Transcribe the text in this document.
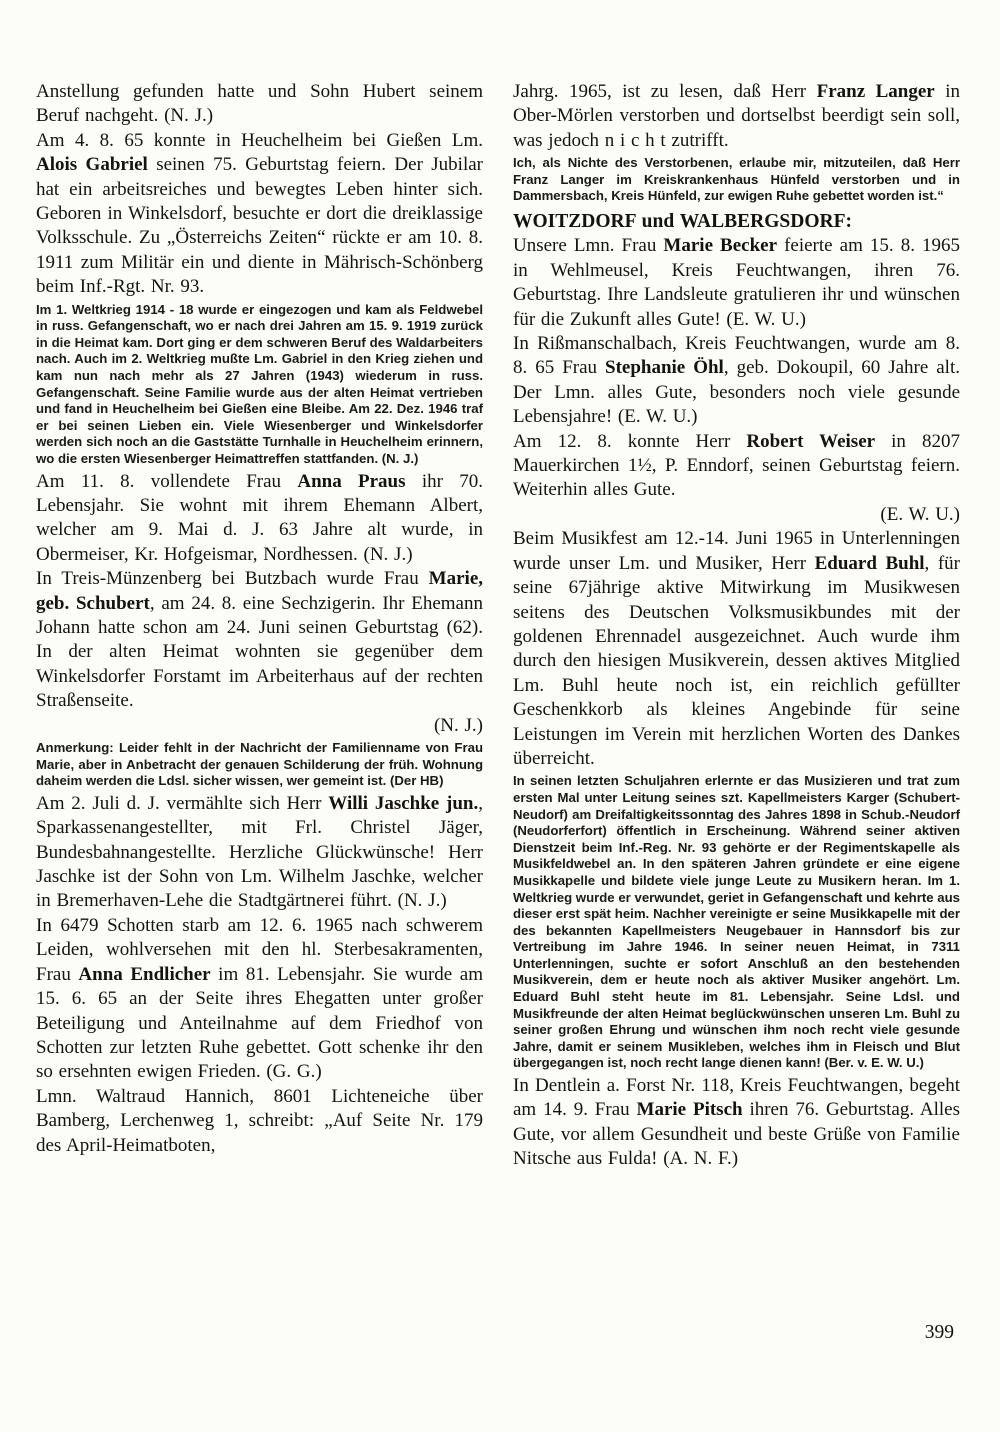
Anstellung gefunden hatte und Sohn Hubert seinem Beruf nachgeht. (N. J.)

Am 4. 8. 65 konnte in Heuchelheim bei Gießen Lm. Alois Gabriel seinen 75. Geburtstag feiern. Der Jubilar hat ein arbeitsreiches und bewegtes Leben hinter sich. Geboren in Winkelsdorf, besuchte er dort die dreiklassige Volksschule. Zu „Österreichs Zeiten“ rückte er am 10. 8. 1911 zum Militär ein und diente in Mährisch-Schönberg beim Inf.-Rgt. Nr. 93.

Im 1. Weltkrieg 1914 - 18 wurde er eingezogen und kam als Feldwebel in russ. Gefangenschaft, wo er nach drei Jahren am 15. 9. 1919 zurück in die Heimat kam. Dort ging er dem schweren Beruf des Waldarbeiters nach. Auch im 2. Weltkrieg mußte Lm. Gabriel in den Krieg ziehen und kam nun nach mehr als 27 Jahren (1943) wiederum in russ. Gefangenschaft. Seine Familie wurde aus der alten Heimat vertrieben und fand in Heuchelheim bei Gießen eine Bleibe. Am 22. Dez. 1946 traf er bei seinen Lieben ein. Viele Wiesenberger und Winkelsdorfer werden sich noch an die Gaststätte Turnhalle in Heuchelheim erinnern, wo die ersten Wiesenberger Heimattreffen stattfanden. (N. J.)

Am 11. 8. vollendete Frau Anna Praus ihr 70. Lebensjahr. Sie wohnt mit ihrem Ehemann Albert, welcher am 9. Mai d. J. 63 Jahre alt wurde, in Obermeiser, Kr. Hofgeismar, Nordhessen. (N. J.)

In Treis-Münzenberg bei Butzbach wurde Frau Marie, geb. Schubert, am 24. 8. eine Sechzigerin. Ihr Ehemann Johann hatte schon am 24. Juni seinen Geburtstag (62). In der alten Heimat wohnten sie gegenüber dem Winkelsdorfer Forstamt im Arbeiterhaus auf der rechten Straßenseite.

(N. J.)

Anmerkung: Leider fehlt in der Nachricht der Familienname von Frau Marie, aber in Anbetracht der genauen Schilderung der früh. Wohnung daheim werden die Ldsl. sicher wissen, wer gemeint ist. (Der HB)

Am 2. Juli d. J. vermählte sich Herr Willi Jaschke jun., Sparkassenangestellter, mit Frl. Christel Jäger, Bundesbahnangestellte. Herzliche Glückwünsche! Herr Jaschke ist der Sohn von Lm. Wilhelm Jaschke, welcher in Bremerhaven-Lehe die Stadtgärtnerei führt. (N. J.)

In 6479 Schotten starb am 12. 6. 1965 nach schwerem Leiden, wohlversehen mit den hl. Sterbesakramenten, Frau Anna Endlicher im 81. Lebensjahr. Sie wurde am 15. 6. 65 an der Seite ihres Ehegatten unter großer Beteiligung und Anteilnahme auf dem Friedhof von Schotten zur letzten Ruhe gebettet. Gott schenke ihr den so ersehnten ewigen Frieden. (G. G.)

Lmn. Waltraud Hannich, 8601 Lichteneiche über Bamberg, Lerchenweg 1, schreibt: „Auf Seite Nr. 179 des April-Heimatboten,

Jahrg. 1965, ist zu lesen, daß Herr Franz Langer in Ober-Mörlen verstorben und dortselbst beerdigt sein soll, was jedoch n i c h t zutrifft.

Ich, als Nichte des Verstorbenen, erlaube mir, mitzuteilen, daß Herr Franz Langer im Kreiskrankenhaus Hünfeld verstorben und in Dammersbach, Kreis Hünfeld, zur ewigen Ruhe gebettet worden ist.“

WOITZDORF und WALBERGSDORF:

Unsere Lmn. Frau Marie Becker feierte am 15. 8. 1965 in Wehlmeusel, Kreis Feuchtwangen, ihren 76. Geburtstag. Ihre Landsleute gratulieren ihr und wünschen für die Zukunft alles Gute! (E. W. U.)

In Rißmanschalbach, Kreis Feuchtwangen, wurde am 8. 8. 65 Frau Stephanie Öhl, geb. Dokoupil, 60 Jahre alt. Der Lmn. alles Gute, besonders noch viele gesunde Lebensjahre! (E. W. U.)

Am 12. 8. konnte Herr Robert Weiser in 8207 Mauerkirchen 1½, P. Enndorf, seinen Geburtstag feiern. Weiterhin alles Gute.

(E. W. U.)

Beim Musikfest am 12.-14. Juni 1965 in Unterlenningen wurde unser Lm. und Musiker, Herr Eduard Buhl, für seine 67jährige aktive Mitwirkung im Musikwesen seitens des Deutschen Volksmusikbundes mit der goldenen Ehrennadel ausgezeichnet. Auch wurde ihm durch den hiesigen Musikverein, dessen aktives Mitglied Lm. Buhl heute noch ist, ein reichlich gefüllter Geschenkkorb als kleines Angebinde für seine Leistungen im Verein mit herzlichen Worten des Dankes überreicht.

In seinen letzten Schuljahren erlernte er das Musizieren und trat zum ersten Mal unter Leitung seines szt. Kapellmeisters Karger (Schubert-Neudorf) am Dreifaltigkeitssonntag des Jahres 1898 in Schub.-Neudorf (Neudorferfort) öffentlich in Erscheinung. Während seiner aktiven Dienstzeit beim Inf.-Reg. Nr. 93 gehörte er der Regimentskapelle als Musikfeldwebel an. In den späteren Jahren gründete er eine eigene Musikkapelle und bildete viele junge Leute zu Musikern heran. Im 1. Weltkrieg wurde er verwundet, geriet in Gefangenschaft und kehrte aus dieser erst spät heim. Nachher vereinigte er seine Musikkapelle mit der des bekannten Kapellmeisters Neugebauer in Hannsdorf bis zur Vertreibung im Jahre 1946. In seiner neuen Heimat, in 7311 Unterlenningen, suchte er sofort Anschluß an den bestehenden Musikverein, dem er heute noch als aktiver Musiker angehört. Lm. Eduard Buhl steht heute im 81. Lebensjahr. Seine Ldsl. und Musikfreunde der alten Heimat beglückwünschen unseren Lm. Buhl zu seiner großen Ehrung und wünschen ihm noch recht viele gesunde Jahre, damit er seinem Musikleben, welches ihm in Fleisch und Blut übergegangen ist, noch recht lange dienen kann! (Ber. v. E. W. U.)

In Dentlein a. Forst Nr. 118, Kreis Feuchtwangen, begeht am 14. 9. Frau Marie Pitsch ihren 76. Geburtstag. Alles Gute, vor allem Gesundheit und beste Grüße von Familie Nitsche aus Fulda! (A. N. F.)

399
